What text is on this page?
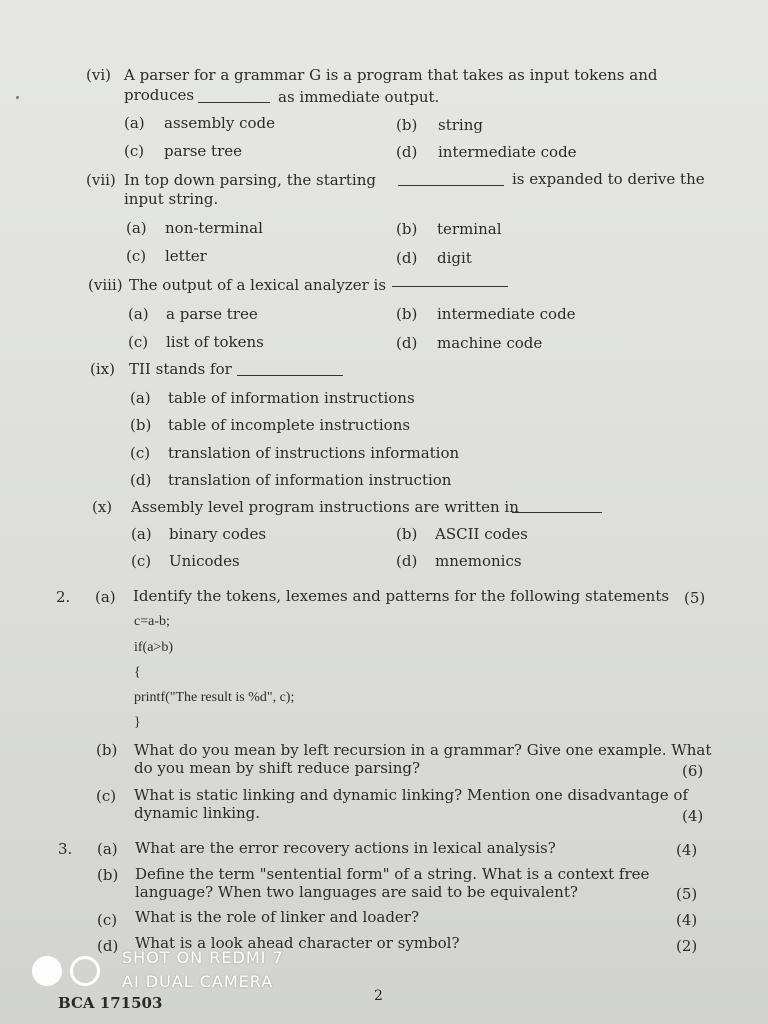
(vi) A parser for a grammar G is a program that takes as input tokens and
produces	as immediate output.
(a) assembly code	(b) string
(c) parse tree	(d) intermediate code
(vii) In top down parsing, the starting	is expanded to derive the
input string.
(a) non-terminal	(b) terminal
(c) letter	(d) digit
(viii) The output of a lexical analyzer is
(a) a parse tree	(b) intermediate code
(c) list of tokens	(d) machine code
(ix) TII stands for
(a) table of information instructions
(b) table of incomplete instructions
(c) translation of instructions information
(d) translation of information instruction
(x) Assembly level program instructions are written in
(a) binary codes	(b) ASCII codes
(c) Unicodes	(d) mnemonics
2. (a) Identify the tokens, lexemes and patterns for the following statements (5)
c=a-b;
if(a>b)
{
printf("The result is %d", c);
}
(b) What do you mean by left recursion in a grammar? Give one example. What
do you mean by shift reduce parsing?	(6)
(c) What is static linking and dynamic linking? Mention one disadvantage of
dynamic linking.	(4)
3. (a) What are the error recovery actions in lexical analysis?	(4)
(b) Define the term "sentential form" of a string. What is a context free
language? When two languages are said to be equivalent?	(5)
(c) What is the role of linker and loader?	(4)
(d) What is a look ahead character or symbol?	(2)
SHOT ON REDMI 7
AI DUAL CAMERA
BCA 171503	2
